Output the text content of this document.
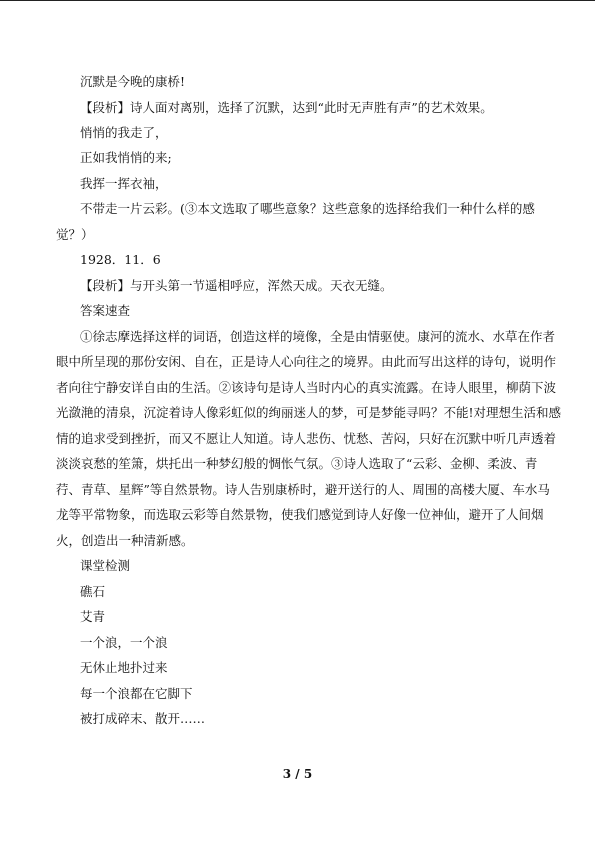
沉默是今晚的康桥!
【段析】诗人面对离别，选择了沉默，达到“此时无声胜有声”的艺术效果。
悄悄的我走了，
正如我悄悄的来;
我挥一挥衣袖，
不带走一片云彩。(③本文选取了哪些意象？这些意象的选择给我们一种什么样的感
觉？）
1928．11．6
【段析】与开头第一节遥相呼应，浑然天成。天衣无缝。
答案速查
①徐志摩选择这样的词语，创造这样的境像，全是由情驱使。康河的流水、水草在作者
眼中所呈现的那份安闲、自在，正是诗人心向往之的境界。由此而写出这样的诗句，说明作
者向往宁静安详自由的生活。②该诗句是诗人当时内心的真实流露。在诗人眼里，柳荫下波
光潋滟的清泉，沉淀着诗人像彩虹似的绚丽迷人的梦，可是梦能寻吗？不能!对理想生活和感
情的追求受到挫折，而又不愿让人知道。诗人悲伤、忧愁、苦闷，只好在沉默中听几声透着
淡淡哀愁的笙箫，烘托出一种梦幻般的惆怅气氛。③诗人选取了“云彩、金柳、柔波、青
荇、青草、星辉”等自然景物。诗人告别康桥时，避开送行的人、周围的高楼大厦、车水马
龙等平常物象，而选取云彩等自然景物，使我们感觉到诗人好像一位神仙，避开了人间烟
火，创造出一种清新感。
课堂检测
礁石
艾青
一个浪，一个浪
无休止地扑过来
每一个浪都在它脚下
被打成碎末、散开……
3 / 5
